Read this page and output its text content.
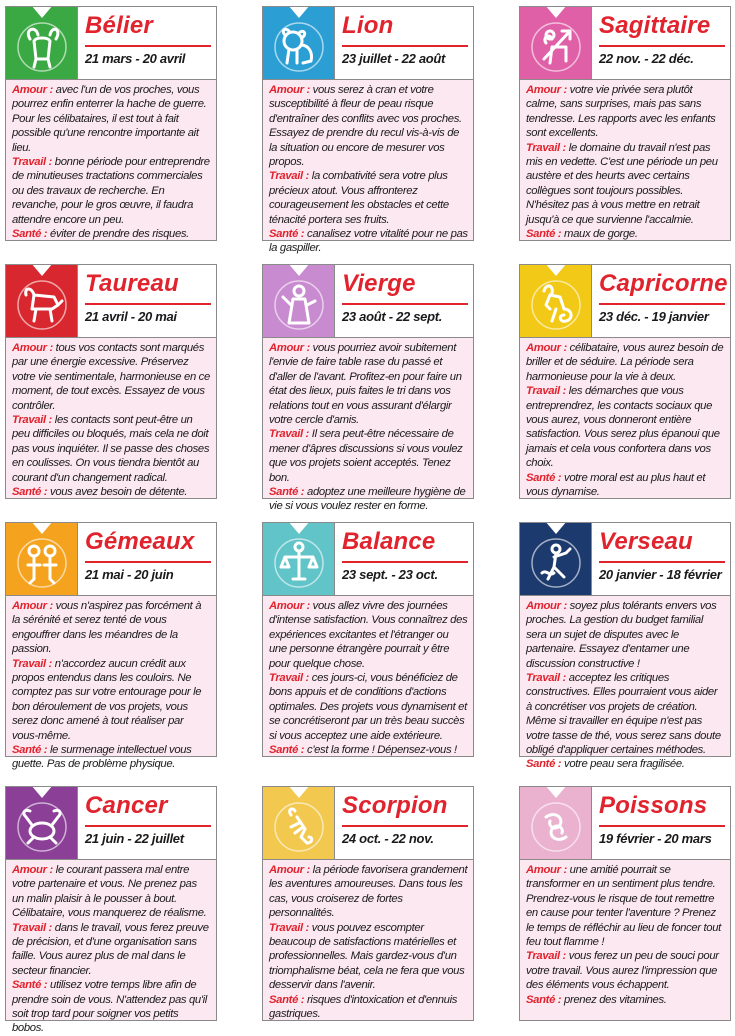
Bélier

21 mars - 20 avril

Amour : avec l'un de vos proches, vous pourrez enfin enterrer la hache de guerre. Pour les célibataires, il est tout à fait possible qu'une rencontre importante ait lieu.
Travail : bonne période pour entreprendre de minutieuses tractations commerciales ou des travaux de recherche. En revanche, pour le gros œuvre, il faudra attendre encore un peu.
Santé : éviter de prendre des risques.

Lion

23 juillet - 22 août

Amour : vous serez à cran et votre susceptibilité à fleur de peau risque d'entraîner des conflits avec vos proches. Essayez de prendre du recul vis-à-vis de la situation ou encore de mesurer vos propos.
Travail : la combativité sera votre plus précieux atout. Vous affronterez courageusement les obstacles et cette ténacité portera ses fruits.
Santé : canalisez votre vitalité pour ne pas la gaspiller.

Sagittaire

22 nov. - 22 déc.

Amour : votre vie privée sera plutôt calme, sans surprises, mais pas sans tendresse. Les rapports avec les enfants sont excellents.
Travail : le domaine du travail n'est pas mis en vedette. C'est une période un peu austère et des heurts avec certains collègues sont toujours possibles. N'hésitez pas à vous mettre en retrait jusqu'à ce que survienne l'accalmie.
Santé : maux de gorge.

Taureau

21 avril - 20 mai

Amour : tous vos contacts sont marqués par une énergie excessive. Préservez votre vie sentimentale, harmonieuse en ce moment, de tout excès. Essayez de vous contrôler.
Travail : les contacts sont peut-être un peu difficiles ou bloqués, mais cela ne doit pas vous inquiéter. Il se passe des choses en coulisses. On vous tiendra bientôt au courant d'un changement radical.
Santé : vous avez besoin de détente.

Vierge

23 août - 22 sept.

Amour : vous pourriez avoir subitement l'envie de faire table rase du passé et d'aller de l'avant. Profitez-en pour faire un état des lieux, puis faites le tri dans vos relations tout en vous assurant d'élargir votre cercle d'amis.
Travail : Il sera peut-être nécessaire de mener d'âpres discussions si vous voulez que vos projets soient acceptés. Tenez bon.
Santé : adoptez une meilleure hygiène de vie si vous voulez rester en forme.

Capricorne

23 déc. - 19 janvier

Amour : célibataire, vous aurez besoin de briller et de séduire. La période sera harmonieuse pour la vie à deux.
Travail : les démarches que vous entreprendrez, les contacts sociaux que vous aurez, vous donneront entière satisfaction. Vous serez plus épanoui que jamais et cela vous confortera dans vos choix.
Santé : votre moral est au plus haut et vous dynamise.

Gémeaux

21 mai - 20 juin

Amour : vous n'aspirez pas forcément à la sérénité et serez tenté de vous engouffrer dans les méandres de la passion.
Travail : n'accordez aucun crédit aux propos entendus dans les couloirs. Ne comptez pas sur votre entourage pour le bon déroulement de vos projets, vous serez donc amené à tout réaliser par vous-même.
Santé : le surmenage intellectuel vous guette. Pas de problème physique.

Balance

23 sept. - 23 oct.

Amour : vous allez vivre des journées d'intense satisfaction. Vous connaîtrez des expériences excitantes et l'étranger ou une personne étrangère pourrait y être pour quelque chose.
Travail : ces jours-ci, vous bénéficiez de bons appuis et de conditions d'actions optimales. Des projets vous dynamisent et se concrétiseront par un très beau succès si vous acceptez une aide extérieure.
Santé : c'est la forme ! Dépensez-vous !

Verseau

20 janvier - 18 février

Amour : soyez plus tolérants envers vos proches. La gestion du budget familial sera un sujet de disputes avec le partenaire. Essayez d'entamer une discussion constructive !
Travail : acceptez les critiques constructives. Elles pourraient vous aider à concrétiser vos projets de création. Même si travailler en équipe n'est pas votre tasse de thé, vous serez sans doute obligé d'appliquer certaines méthodes.
Santé : votre peau sera fragilisée.

Cancer

21 juin - 22 juillet

Amour : le courant passera mal entre votre partenaire et vous. Ne prenez pas un malin plaisir à le pousser à bout. Célibataire, vous manquerez de réalisme.
Travail : dans le travail, vous ferez preuve de précision, et d'une organisation sans faille. Vous aurez plus de mal dans le secteur financier.
Santé : utilisez votre temps libre afin de prendre soin de vous. N'attendez pas qu'il soit trop tard pour soigner vos petits bobos.

Scorpion

24 oct. - 22 nov.

Amour : la période favorisera grandement les aventures amoureuses. Dans tous les cas, vous croiserez de fortes personnalités.
Travail : vous pouvez escompter beaucoup de satisfactions matérielles et professionnelles. Mais gardez-vous d'un triomphalisme béat, cela ne fera que vous desservir dans l'avenir.
Santé : risques d'intoxication et d'ennuis gastriques.

Poissons

19 février - 20 mars

Amour : une amitié pourrait se transformer en un sentiment plus tendre. Prendrez-vous le risque de tout remettre en cause pour tenter l'aventure ? Prenez le temps de réfléchir au lieu de foncer tout feu tout flamme !
Travail : vous ferez un peu de souci pour votre travail. Vous aurez l'impression que des éléments vous échappent.
Santé : prenez des vitamines.
